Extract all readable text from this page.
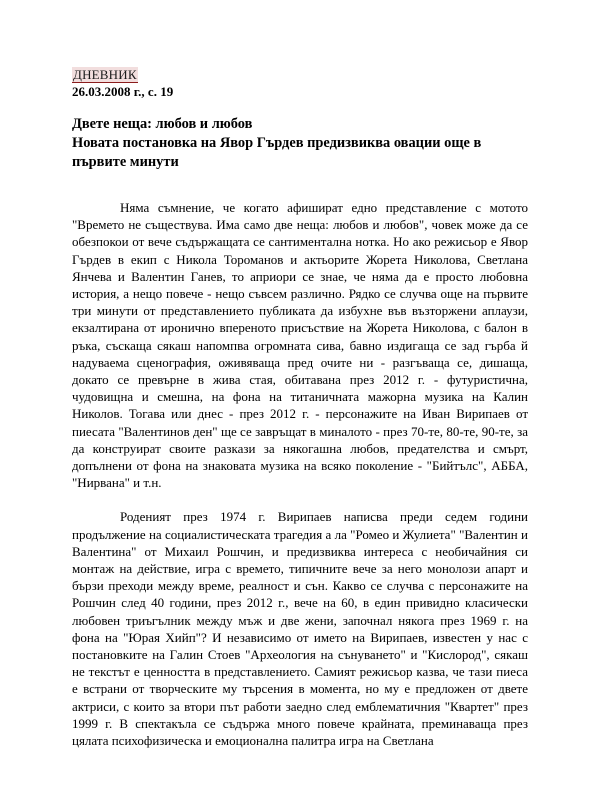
ДНЕВНИК
26.03.2008 г., с. 19
Двете неща: любов и любов
Новата постановка на Явор Гърдев предизвиква овации още в първите минути

Няма съмнение, че когато афишират едно представление с мотото "Времето не съществува. Има само две неща: любов и любов", човек може да се обезпокои от вече съдържащата се сантиментална нотка. Но ако режисьор е Явор Гърдев в екип с Никола Тороманов и актьорите Жорета Николова, Светлана Янчева и Валентин Ганев, то априори се знае, че няма да е просто любовна история, а нещо повече - нещо съвсем различно. Рядко се случва още на първите три минути от представлението публиката да избухне във възторжени аплаузи, екзалтирана от иронично впереното присъствие на Жорета Николова, с балон в ръка, съскаща сякаш напомпва огромната сива, бавно издигаща се зад гърба й надуваема сценография, оживяваща пред очите ни - разгъваща се, дишаща, докато се превърне в жива стая, обитавана през 2012 г. - футуристична, чудовищна и смешна, на фона на титаничната мажорна музика на Калин Николов. Тогава или днес - през 2012 г. - персонажите на Иван Вирипаев от пиесата "Валентинов ден" ще се завръщат в миналото - през 70-те, 80-те, 90-те, за да конструират своите разкази за някогашна любов, предателства и смърт, допълнени от фона на знаковата музика на всяко поколение - "Бийтълс", АББА, "Нирвана" и т.н.

Роденият през 1974 г. Вирипаев написва преди седем години продължение на социалистическата трагедия а ла "Ромео и Жулиета" "Валентин и Валентина" от Михаил Рошчин, и предизвиква интереса с необичайния си монтаж на действие, игра с времето, типичните вече за него монолози апарт и бързи преходи между време, реалност и сън. Какво се случва с персонажите на Рошчин след 40 години, през 2012 г., вече на 60, в един привидно класически любовен триъгълник между мъж и две жени, започнал някога през 1969 г. на фона на "Юрая Хийп"? И независимо от името на Вирипаев, известен у нас с постановките на Галин Стоев "Археология на сънуването" и "Кислород", сякаш не текстът е ценността в представлението. Самият режисьор казва, че тази пиеса е встрани от творческите му търсения в момента, но му е предложен от двете актриси, с които за втори път работи заедно след емблематичния "Квартет" през 1999 г. В спектакъла се съдържа много повече крайната, преминаваща през цялата психофизическа и емоционална палитра игра на Светлана
